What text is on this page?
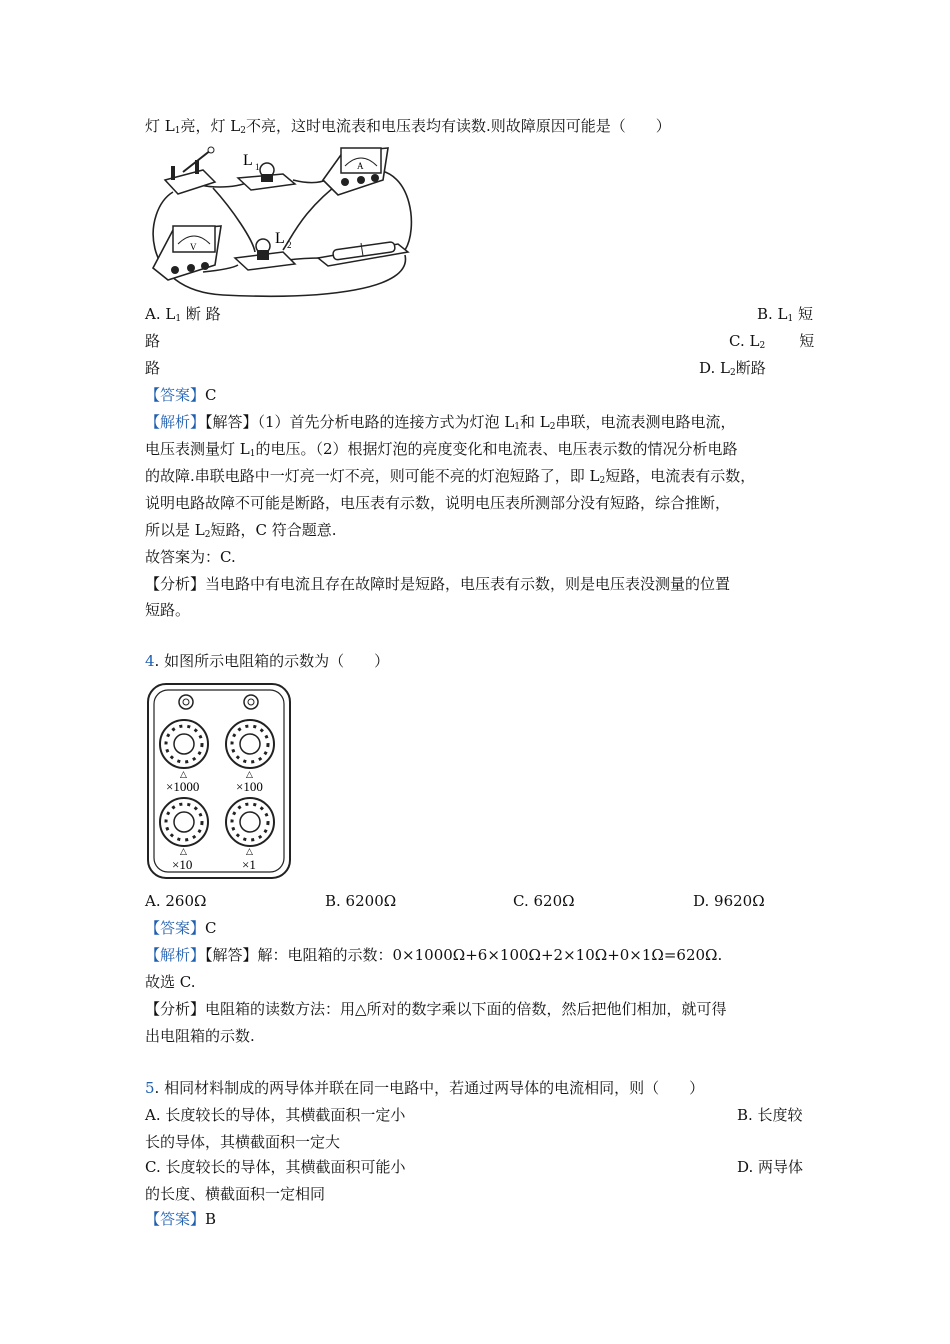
灯 $L_1$亮，灯 $L_2$不亮，这时电流表和电压表均有读数.则故障原因可能是（　　）
L 1	A
V	L 2
A. $L_1$ 断 路	B. $L_1$ 短
路	C. $L_2$ 短
路	D. $L_2$断路
【答案】C
【解析】【解答】（1）首先分析电路的连接方式为灯泡 $L_1$和 $L_2$串联，电流表测电路电流，
电压表测量灯 $L_1$的电压。（2）根据灯泡的亮度变化和电流表、电压表示数的情况分析电路
的故障.串联电路中一灯亮一灯不亮，则可能不亮的灯泡短路了，即 $L_2$短路，电流表有示数，
说明电路故障不可能是断路，电压表有示数，说明电压表所测部分没有短路，综合推断，
所以是 $L_2$短路，C 符合题意.
故答案为：C.
【分析】当电路中有电流且存在故障时是短路，电压表有示数，则是电压表没测量的位置
短路。
4. 如图所示电阻箱的示数为（　　）
△
×1000
△
×100
△
×10
△
×1
A. 260Ω	B. 6200Ω	C. 620Ω	D. 9620Ω
【答案】C
【解析】【解答】解：电阻箱的示数：0×1000Ω+6×100Ω+2×10Ω+0×1Ω=620Ω.
故选 C.
【分析】电阻箱的读数方法：用△所对的数字乘以下面的倍数，然后把他们相加，就可得
出电阻箱的示数.
5. 相同材料制成的两导体并联在同一电路中，若通过两导体的电流相同，则（　　）
A. 长度较长的导体，其横截面积一定小	B. 长度较
长的导体，其横截面积一定大
C. 长度较长的导体，其横截面积可能小	D. 两导体
的长度、横截面积一定相同
【答案】B
